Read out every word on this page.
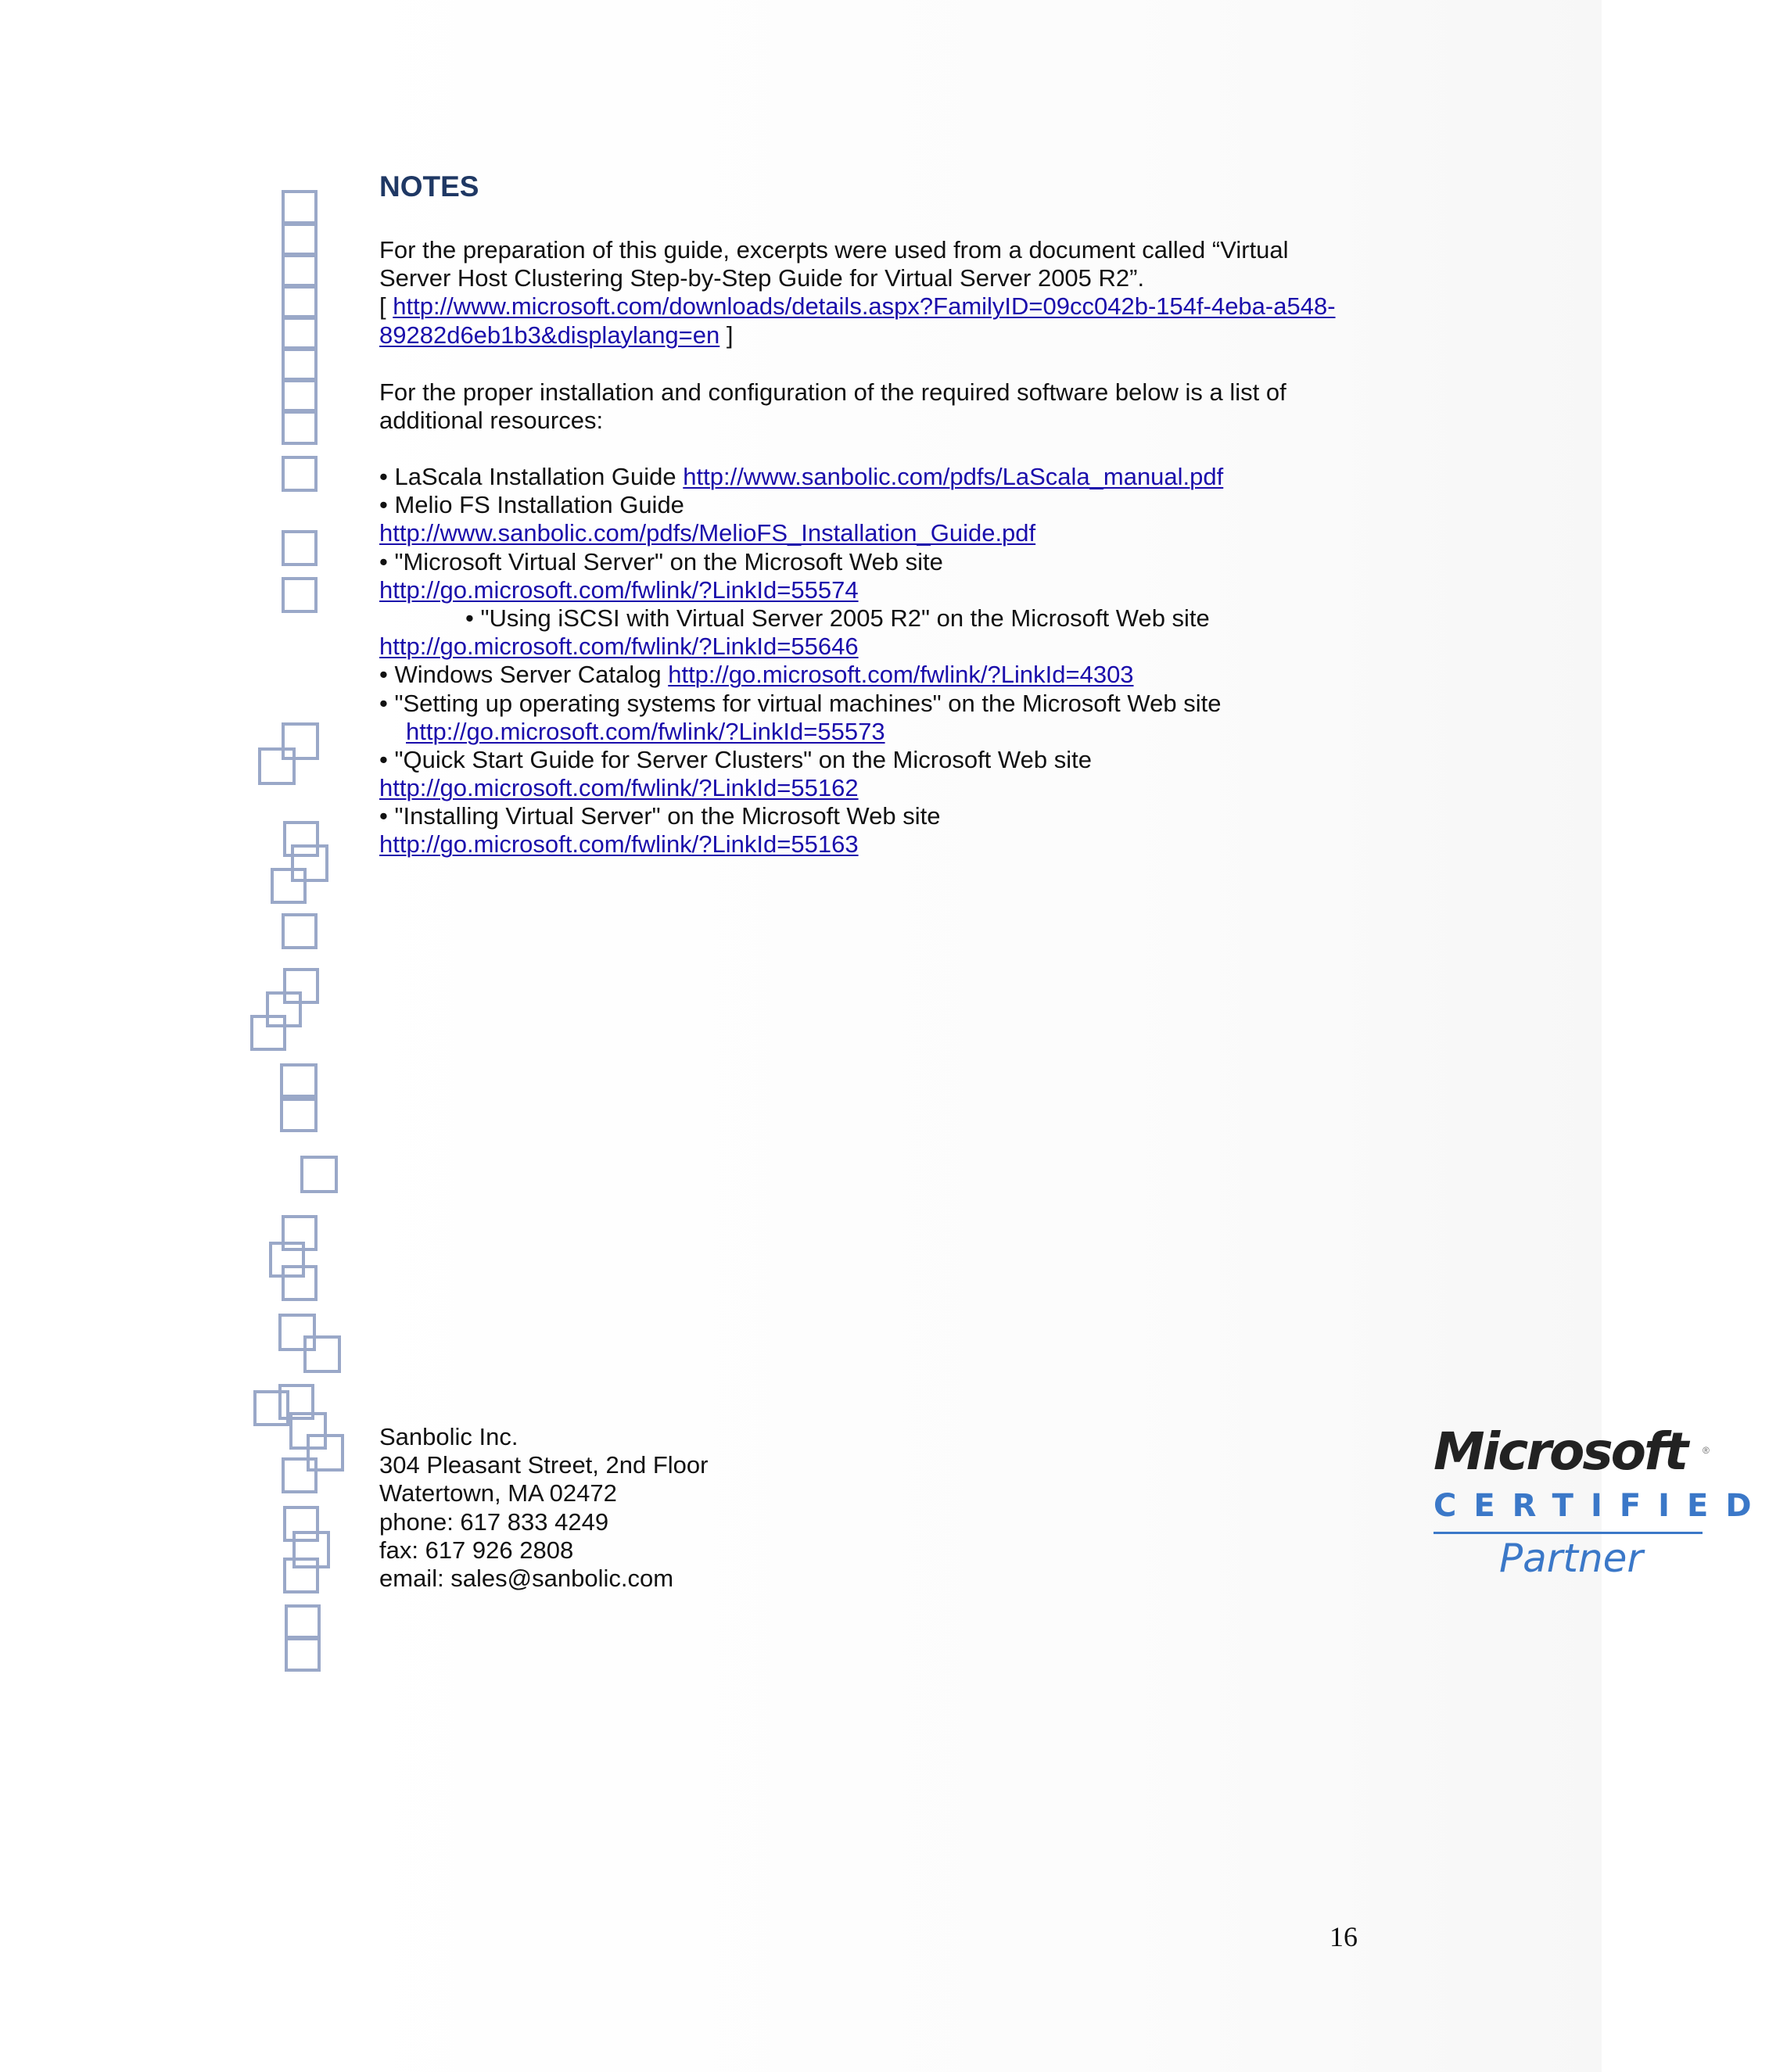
NOTES
For the preparation of this guide, excerpts were used from a document called “Virtual
Server Host Clustering Step-by-Step Guide for Virtual Server 2005 R2”.
[ http://www.microsoft.com/downloads/details.aspx?FamilyID=09cc042b-154f-4eba-a548-
89282d6eb1b3&displaylang=en ]
For the proper installation and configuration of the required software below is a list of
additional resources:
• LaScala Installation Guide http://www.sanbolic.com/pdfs/LaScala_manual.pdf
• Melio FS Installation Guide
http://www.sanbolic.com/pdfs/MelioFS_Installation_Guide.pdf
• "Microsoft Virtual Server" on the Microsoft Web site
http://go.microsoft.com/fwlink/?LinkId=55574
• "Using iSCSI with Virtual Server 2005 R2" on the Microsoft Web site
http://go.microsoft.com/fwlink/?LinkId=55646
• Windows Server Catalog http://go.microsoft.com/fwlink/?LinkId=4303
• "Setting up operating systems for virtual machines" on the Microsoft Web site
http://go.microsoft.com/fwlink/?LinkId=55573
• "Quick Start Guide for Server Clusters" on the Microsoft Web site
http://go.microsoft.com/fwlink/?LinkId=55162
• "Installing Virtual Server" on the Microsoft Web site
http://go.microsoft.com/fwlink/?LinkId=55163
Sanbolic Inc.
304 Pleasant Street, 2nd Floor
Watertown, MA 02472
phone: 617 833 4249
fax: 617 926 2808
email: sales@sanbolic.com
Microsoft ®
CERTIFIED
Partner
16
